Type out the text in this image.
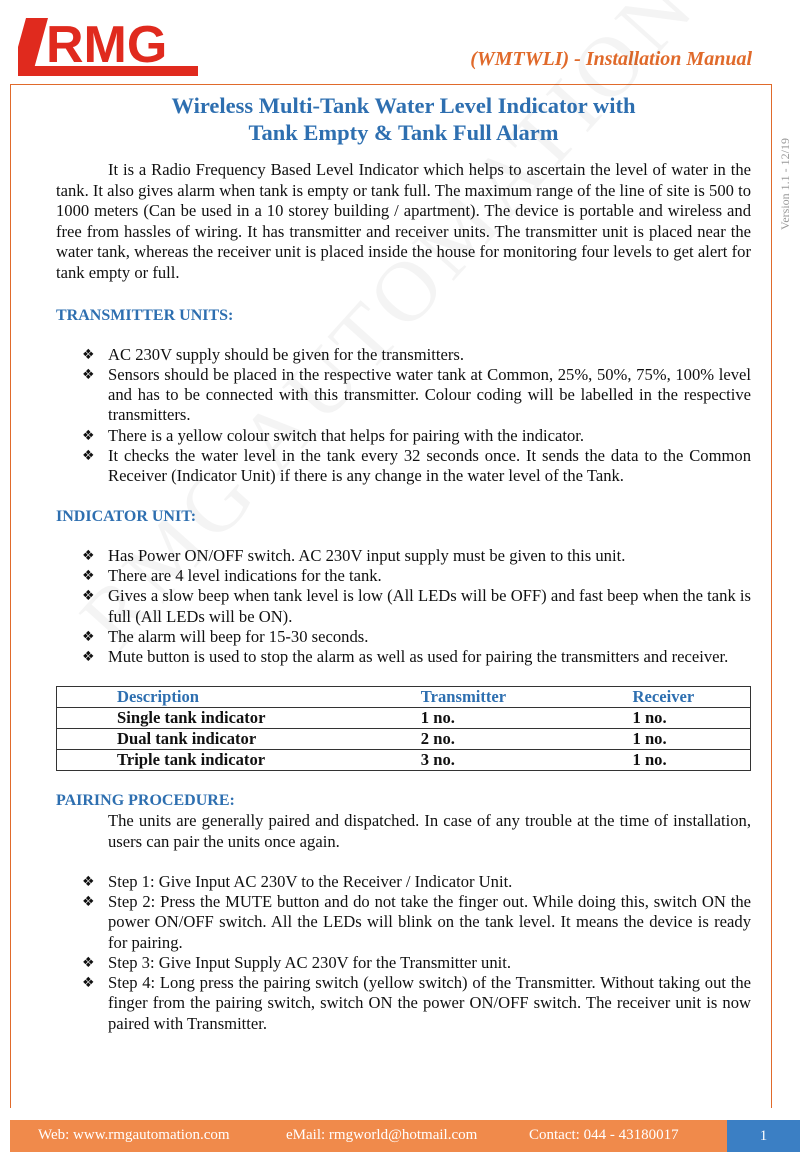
RMG	(WMTWLI) - Installation Manual
Version 1.1 - 12/19
Wireless Multi-Tank Water Level Indicator with
Tank Empty & Tank Full Alarm

It is a Radio Frequency Based Level Indicator which helps to ascertain the level of water in the tank. It also gives alarm when tank is empty or tank full. The maximum range of the line of site is 500 to 1000 meters (Can be used in a 10 storey building / apartment). The device is portable and wireless and free from hassles of wiring. It has transmitter and receiver units. The transmitter unit is placed near the water tank, whereas the receiver unit is placed inside the house for monitoring four levels to get alert for tank empty or full.

TRANSMITTER UNITS:
❖ AC 230V supply should be given for the transmitters.
❖ Sensors should be placed in the respective water tank at Common, 25%, 50%, 75%, 100% level and has to be connected with this transmitter. Colour coding will be labelled in the respective transmitters.
❖ There is a yellow colour switch that helps for pairing with the indicator.
❖ It checks the water level in the tank every 32 seconds once. It sends the data to the Common Receiver (Indicator Unit) if there is any change in the water level of the Tank.
INDICATOR UNIT:
❖ Has Power ON/OFF switch. AC 230V input supply must be given to this unit.
❖ There are 4 level indications for the tank.
❖ Gives a slow beep when tank level is low (All LEDs will be OFF) and fast beep when the tank is full (All LEDs will be ON).
❖ The alarm will beep for 15-30 seconds.
❖ Mute button is used to stop the alarm as well as used for pairing the transmitters and receiver.
Description	Transmitter	Receiver
Single tank indicator	1 no.	1 no.
Dual tank indicator	2 no.	1 no.
Triple tank indicator	3 no.	1 no.
PAIRING PROCEDURE:

The units are generally paired and dispatched. In case of any trouble at the time of installation, users can pair the units once again.

❖ Step 1: Give Input AC 230V to the Receiver / Indicator Unit.
❖ Step 2: Press the MUTE button and do not take the finger out. While doing this, switch ON the power ON/OFF switch. All the LEDs will blink on the tank level. It means the device is ready for pairing.
❖ Step 3: Give Input Supply AC 230V for the Transmitter unit.
❖ Step 4: Long press the pairing switch (yellow switch) of the Transmitter. Without taking out the finger from the pairing switch, switch ON the power ON/OFF switch. The receiver unit is now paired with Transmitter.
Web: www.rmgautomation.com	eMail: rmgworld@hotmail.com	Contact: 044 - 43180017	1
